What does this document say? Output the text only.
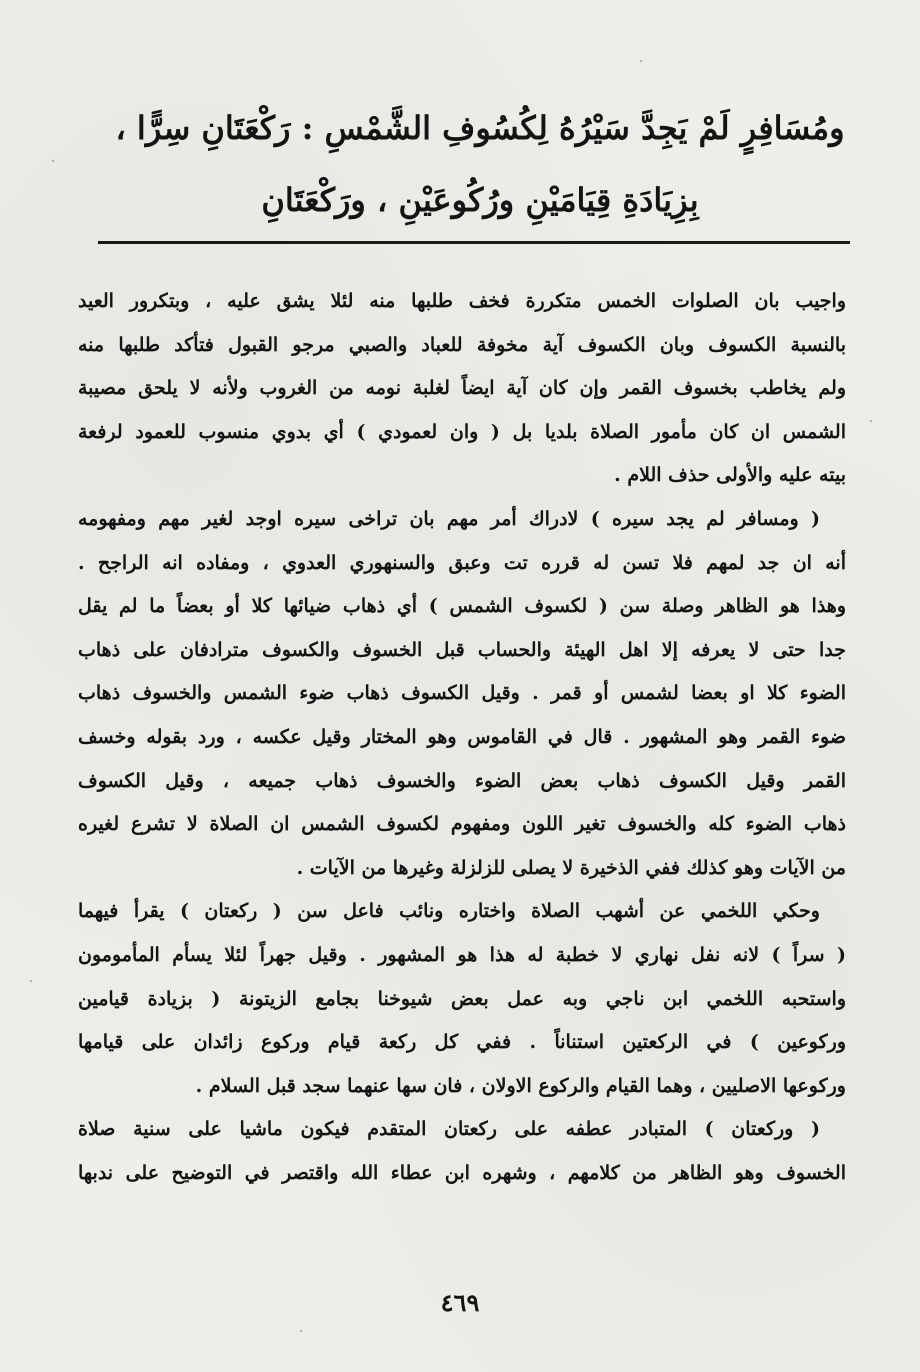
ومُسَافِرٍ لَمْ يَجِدَّ سَيْرُهُ لِكُسُوفِ الشَّمْسِ : رَكْعَتَانِ سِرًّا ،
بِزِيَادَةِ قِيَامَيْنِ ورُكُوعَيْنِ ، ورَكْعَتَانِ
واجيب بان الصلوات الخمس متكررة فخف طلبها منه لئلا يشق عليه ، وبتكرور العيد
بالنسبة الكسوف وبان الكسوف آية مخوفة للعباد والصبي مرجو القبول فتأكد طلبها منه
ولم يخاطب بخسوف القمر وإن كان آية ايضاً لغلبة نومه من الغروب ولأنه لا يلحق مصيبة
الشمس ان كان مأمور الصلاة بلديا بل ( وان لعمودي ) أي بدوي منسوب للعمود لرفعة
بيته عليه والأولى حذف اللام .
( ومسافر لم يجد سيره ) لادراك أمر مهم بان تراخى سيره اوجد لغير مهم ومفهومه
أنه ان جد لمهم فلا تسن له قرره تت وعبق والسنهوري العدوي ، ومفاده انه الراجح .
وهذا هو الظاهر وصلة سن ( لكسوف الشمس ) أي ذهاب ضيائها كلا أو بعضاً ما لم يقل
جدا حتى لا يعرفه إلا اهل الهيئة والحساب قبل الخسوف والكسوف مترادفان على ذهاب
الضوء كلا او بعضا لشمس أو قمر . وقيل الكسوف ذهاب ضوء الشمس والخسوف ذهاب
ضوء القمر وهو المشهور . قال في القاموس وهو المختار وقيل عكسه ، ورد بقوله وخسف
القمر وقيل الكسوف ذهاب بعض الضوء والخسوف ذهاب جميعه ، وقيل الكسوف
ذهاب الضوء كله والخسوف تغير اللون ومفهوم لكسوف الشمس ان الصلاة لا تشرع لغيره
من الآيات وهو كذلك ففي الذخيرة لا يصلى للزلزلة وغيرها من الآيات .
وحكي اللخمي عن أشهب الصلاة واختاره ونائب فاعل سن ( ركعتان ) يقرأ فيهما
( سراً ) لانه نفل نهاري لا خطبة له هذا هو المشهور . وقيل جهراً لئلا يسأم المأمومون
واستحبه اللخمي ابن ناجي وبه عمل بعض شيوخنا بجامع الزيتونة ( بزيادة قيامين
وركوعين ) في الركعتين استناناً . ففي كل ركعة قيام وركوع زائدان على قيامها
وركوعها الاصليين ، وهما القيام والركوع الاولان ، فان سها عنهما سجد قبل السلام .
( وركعتان ) المتبادر عطفه على ركعتان المتقدم فيكون ماشيا على سنية صلاة
الخسوف وهو الظاهر من كلامهم ، وشهره ابن عطاء الله واقتصر في التوضيح على ندبها
٤٦٩
